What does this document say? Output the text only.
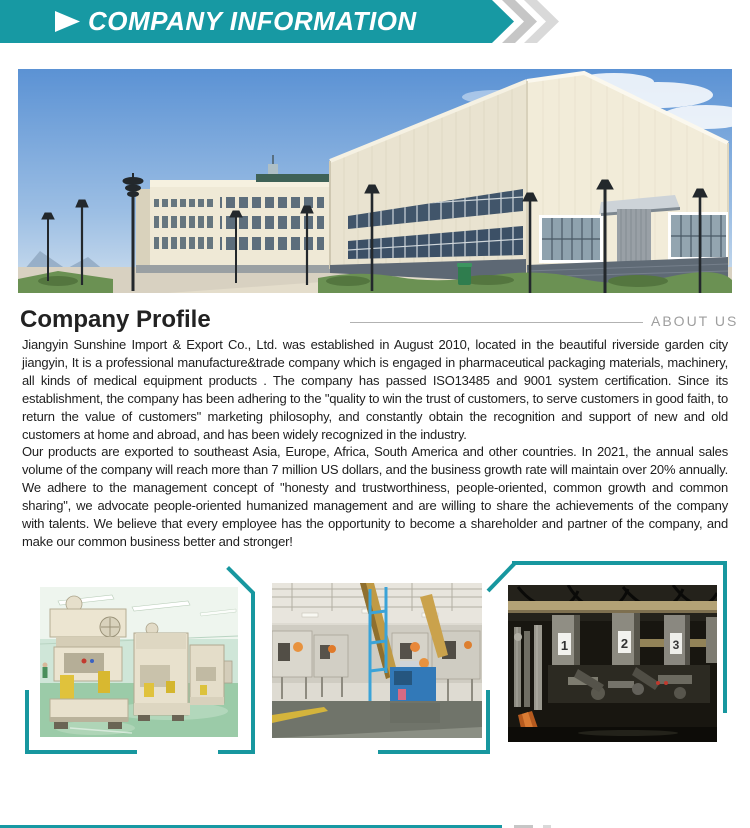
COMPANY INFORMATION
Company Profile	ABOUT US

Jiangyin Sunshine Import & Export Co., Ltd. was established in August 2010, located in the beautiful riverside garden city jiangyin, It is a professional manufacture&trade company which is engaged in pharmaceutical packaging materials, machinery, all kinds of medical equipment products . The company has passed ISO13485 and 9001 system certification. Since its establishment, the company has been adhering to the "quality to win the trust of customers, to serve customers in good faith, to return the value of customers" marketing philosophy, and constantly obtain the recognition and support of new and old customers at home and abroad, and has been widely recognized in the industry.

Our products are exported to southeast Asia, Europe, Africa, South America and other countries. In 2021, the annual sales volume of the company will reach more than 7 million US dollars, and the business growth rate will maintain over 20% annually. We adhere to the management concept of "honesty and trustworthiness, people-oriented, common growth and common sharing", we advocate people-oriented humanized management and are willing to share the achievements of the company with talents. We believe that every employee has the opportunity to become a shareholder and partner of the company, and make our common business better and stronger!

1	2	3
